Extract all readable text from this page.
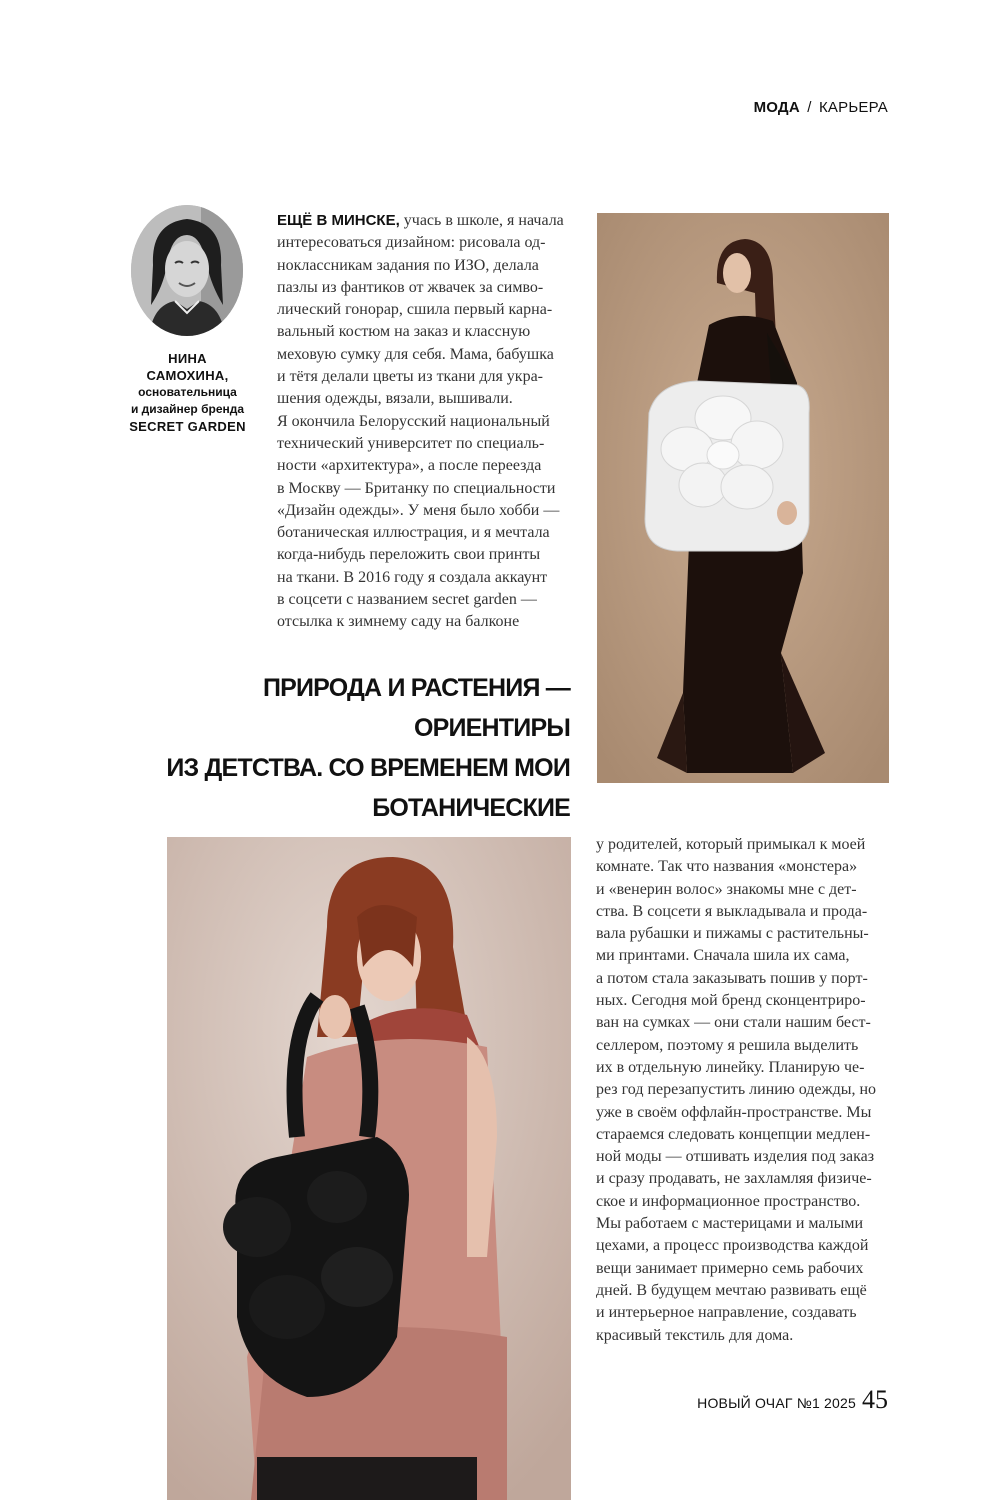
МОДА / КАРЬЕРА
НИНА
САМОХИНА,
основательница
и дизайнер бренда
SECRET GARDEN
ЕЩЁ В МИНСКЕ, учась в школе, я начала
интересоваться дизайном: рисовала од-
ноклассникам задания по ИЗО, делала
пазлы из фантиков от жвачек за симво-
лический гонорар, сшила первый карна-
вальный костюм на заказ и классную
меховую сумку для себя. Мама, бабушка
и тётя делали цветы из ткани для укра-
шения одежды, вязали, вышивали.
Я окончила Белорусский национальный
технический университет по специаль-
ности «архитектура», а после переезда
в Москву — Британку по специальности
«Дизайн одежды». У меня было хобби —
ботаническая иллюстрация, и я мечтала
когда-нибудь переложить свои принты
на ткани. В 2016 году я создала аккаунт
в соцсети с названием secret garden —
отсылка к зимнему саду на балконе
ПРИРОДА И РАСТЕНИЯ — ОРИЕНТИРЫ
ИЗ ДЕТСТВА. СО ВРЕМЕНЕМ МОИ БОТАНИЧЕСКИЕ
у родителей, который примыкал к моей
комнате. Так что названия «монстера»
и «венерин волос» знакомы мне с дет-
ства. В соцсети я выкладывала и прода-
вала рубашки и пижамы с растительны-
ми принтами. Сначала шила их сама,
а потом стала заказывать пошив у порт-
ных. Сегодня мой бренд сконцентриро-
ван на сумках — они стали нашим бест-
селлером, поэтому я решила выделить
их в отдельную линейку. Планирую че-
рез год перезапустить линию одежды, но
уже в своём оффлайн-пространстве. Мы
стараемся следовать концепции медлен-
ной моды — отшивать изделия под заказ
и сразу продавать, не захламляя физиче-
ское и информационное пространство.
Мы работаем с мастерицами и малыми
цехами, а процесс производства каждой
вещи занимает примерно семь рабочих
дней. В будущем мечтаю развивать ещё
и интерьерное направление, создавать
красивый текстиль для дома.
НОВЫЙ ОЧАГ №1 2025 45
